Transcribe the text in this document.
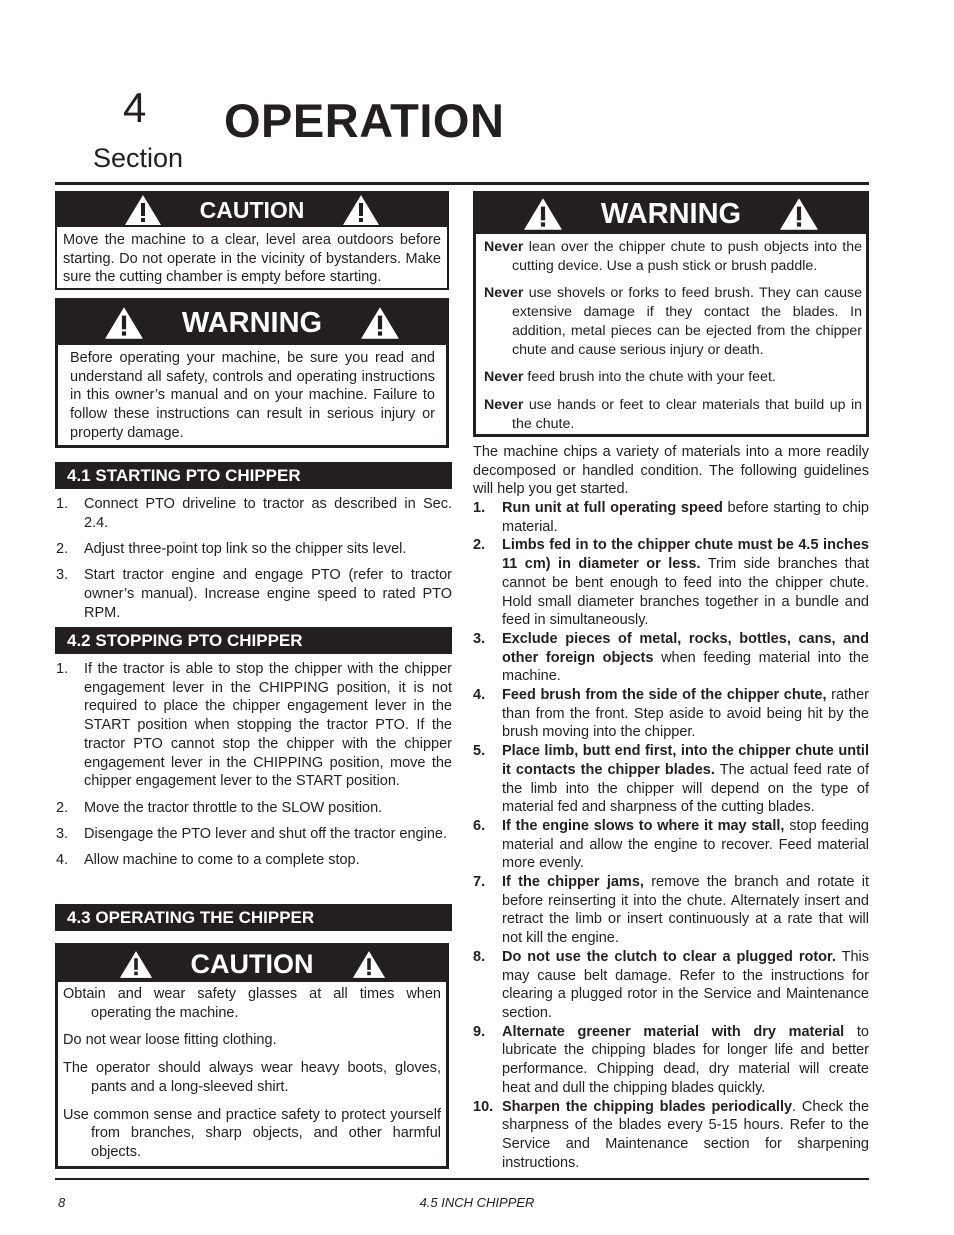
4
Section
OPERATION
CAUTION
Move the machine to a clear, level area outdoors before starting. Do not operate in the vicinity of bystanders. Make sure the cutting chamber is empty before starting.
WARNING
Before operating your machine, be sure you read and understand all safety, controls and operating instructions in this owner’s manual and on your machine. Failure to follow these instructions can result in serious injury or property damage.
4.1 STARTING PTO CHIPPER
1. Connect PTO driveline to tractor as described in Sec. 2.4.
2. Adjust three-point top link so the chipper sits level.
3. Start tractor engine and engage PTO (refer to tractor owner’s manual). Increase engine speed to rated PTO RPM.
4.2 STOPPING PTO CHIPPER
1. If the tractor is able to stop the chipper with the chipper engagement lever in the CHIPPING position, it is not required to place the chipper engagement lever in the START position when stopping the tractor PTO. If the tractor PTO cannot stop the chipper with the chipper engagement lever in the CHIPPING position, move the chipper engagement lever to the START position.
2. Move the tractor throttle to the SLOW position.
3. Disengage the PTO lever and shut off the tractor engine.
4. Allow machine to come to a complete stop.
4.3 OPERATING THE CHIPPER
CAUTION

Obtain and wear safety glasses at all times when operating the machine.

Do not wear loose fitting clothing.

The operator should always wear heavy boots, gloves, pants and a long-sleeved shirt.

Use common sense and practice safety to protect yourself from branches, sharp objects, and other harmful objects.

WARNING

Never lean over the chipper chute to push objects into the cutting device. Use a push stick or brush paddle.

Never use shovels or forks to feed brush. They can cause extensive damage if they contact the blades. In addition, metal pieces can be ejected from the chipper chute and cause serious injury or death.

Never feed brush into the chute with your feet.

Never use hands or feet to clear materials that build up in the chute.

The machine chips a variety of materials into a more readily decomposed or handled condition. The following guidelines will help you get started.
1. Run unit at full operating speed before starting to chip material.
2. Limbs fed in to the chipper chute must be 4.5 inches 11 cm) in diameter or less. Trim side branches that cannot be bent enough to feed into the chipper chute. Hold small diameter branches together in a bundle and feed in simultaneously.
3. Exclude pieces of metal, rocks, bottles, cans, and other foreign objects when feeding material into the machine.
4. Feed brush from the side of the chipper chute, rather than from the front. Step aside to avoid being hit by the brush moving into the chipper.
5. Place limb, butt end first, into the chipper chute until it contacts the chipper blades. The actual feed rate of the limb into the chipper will depend on the type of material fed and sharpness of the cutting blades.
6. If the engine slows to where it may stall, stop feeding material and allow the engine to recover. Feed material more evenly.
7. If the chipper jams, remove the branch and rotate it before reinserting it into the chute. Alternately insert and retract the limb or insert continuously at a rate that will not kill the engine.
8. Do not use the clutch to clear a plugged rotor. This may cause belt damage. Refer to the instructions for clearing a plugged rotor in the Service and Maintenance section.
9. Alternate greener material with dry material to lubricate the chipping blades for longer life and better performance. Chipping dead, dry material will create heat and dull the chipping blades quickly.
10. Sharpen the chipping blades periodically. Check the sharpness of the blades every 5-15 hours. Refer to the Service and Maintenance section for sharpening instructions.
8	4.5 INCH CHIPPER
